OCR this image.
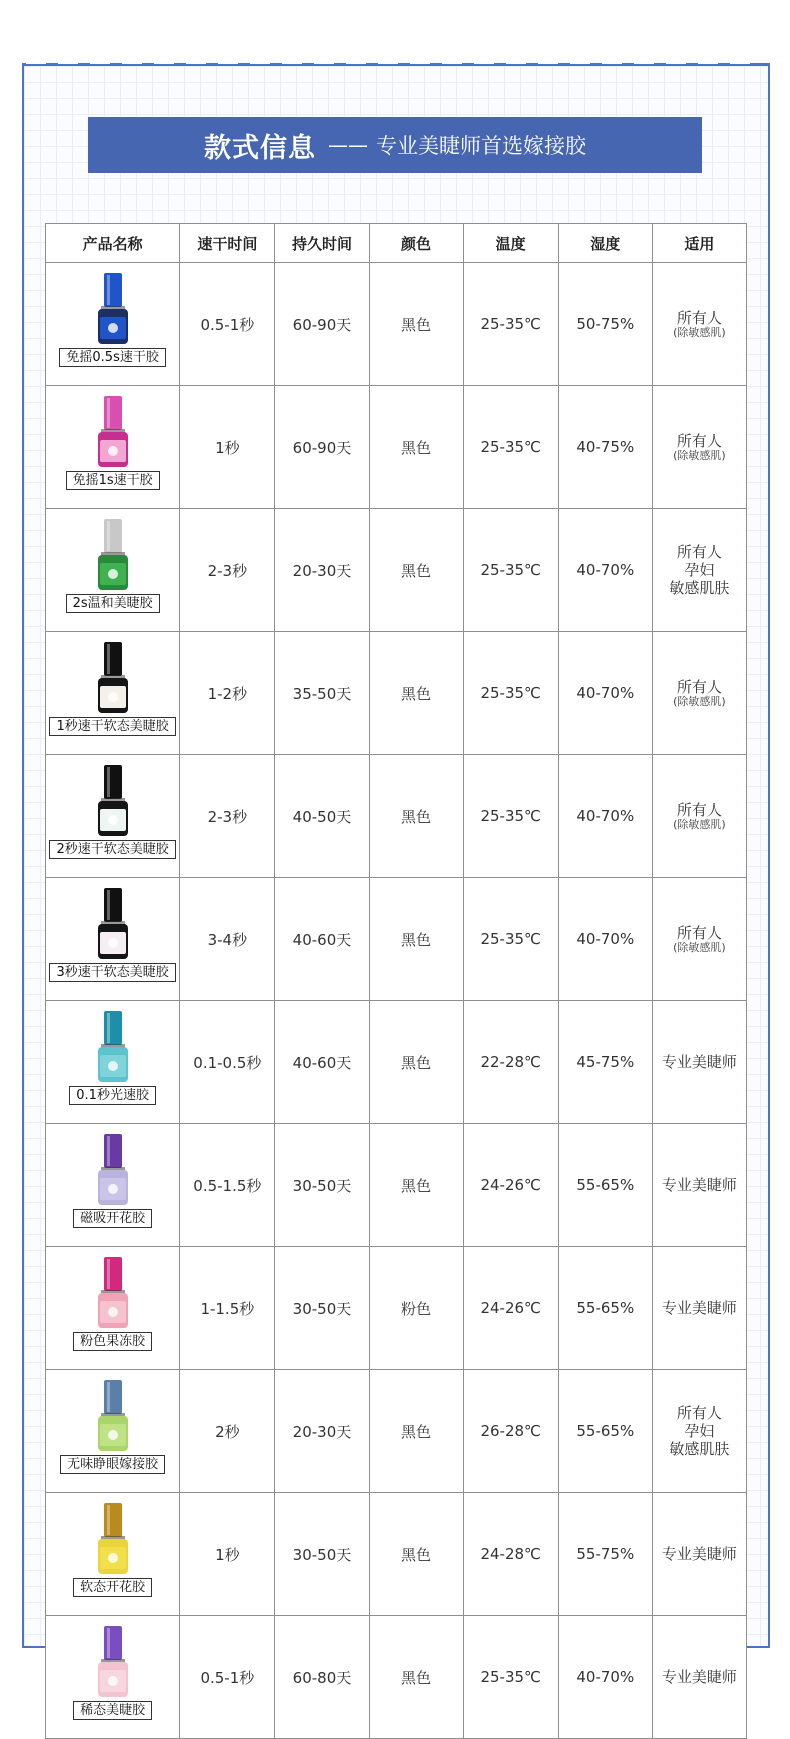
款式信息 —— 专业美睫师首选嫁接胶
产品名称	速干时间	持久时间	颜色	温度	湿度	适用

免摇0.5s速干胶	0.5-1秒	60-90天	黑色	25-35℃	50-75%	所有人
(除敏感肌)

免摇1s速干胶	1秒	60-90天	黑色	25-35℃	40-75%	所有人
(除敏感肌)

2s温和美睫胶	2-3秒	20-30天	黑色	25-35℃	40-70%	所有人
孕妇
敏感肌肤

1秒速干软态美睫胶	1-2秒	35-50天	黑色	25-35℃	40-70%	所有人
(除敏感肌)

2秒速干软态美睫胶	2-3秒	40-50天	黑色	25-35℃	40-70%	所有人
(除敏感肌)

3秒速干软态美睫胶	3-4秒	40-60天	黑色	25-35℃	40-70%	所有人
(除敏感肌)

0.1秒光速胶	0.1-0.5秒	40-60天	黑色	22-28℃	45-75%	专业美睫师

磁吸开花胶	0.5-1.5秒	30-50天	黑色	24-26℃	55-65%	专业美睫师

粉色果冻胶	1-1.5秒	30-50天	粉色	24-26℃	55-65%	专业美睫师

无味睁眼嫁接胶	2秒	20-30天	黑色	26-28℃	55-65%	所有人
孕妇
敏感肌肤

软态开花胶	1秒	30-50天	黑色	24-28℃	55-75%	专业美睫师

稀态美睫胶	0.5-1秒	60-80天	黑色	25-35℃	40-70%	专业美睫师
